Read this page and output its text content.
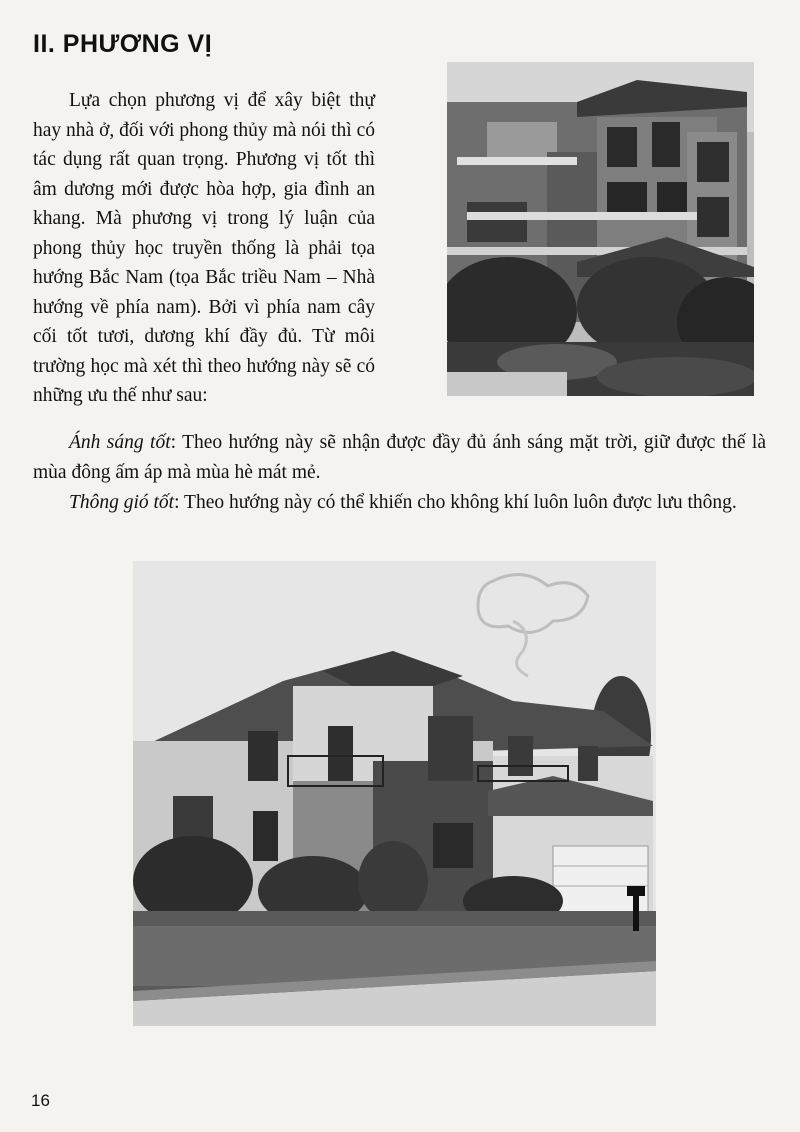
II. PHƯƠNG VỊ

Lựa chọn phương vị để xây biệt thự hay nhà ở, đối với phong thủy mà nói thì có tác dụng rất quan trọng. Phương vị tốt thì âm dương mới được hòa hợp, gia đình an khang. Mà phương vị trong lý luận của phong thủy học truyền thống là phải tọa hướng Bắc Nam (tọa Bắc triều Nam – Nhà hướng về phía nam). Bởi vì phía nam cây cối tốt tươi, dương khí đầy đủ. Từ môi trường học mà xét thì theo hướng này sẽ có những ưu thế như sau:

Ánh sáng tốt: Theo hướng này sẽ nhận được đầy đủ ánh sáng mặt trời, giữ được thế là mùa đông ấm áp mà mùa hè mát mẻ.

Thông gió tốt: Theo hướng này có thể khiến cho không khí luôn luôn được lưu thông.

16
